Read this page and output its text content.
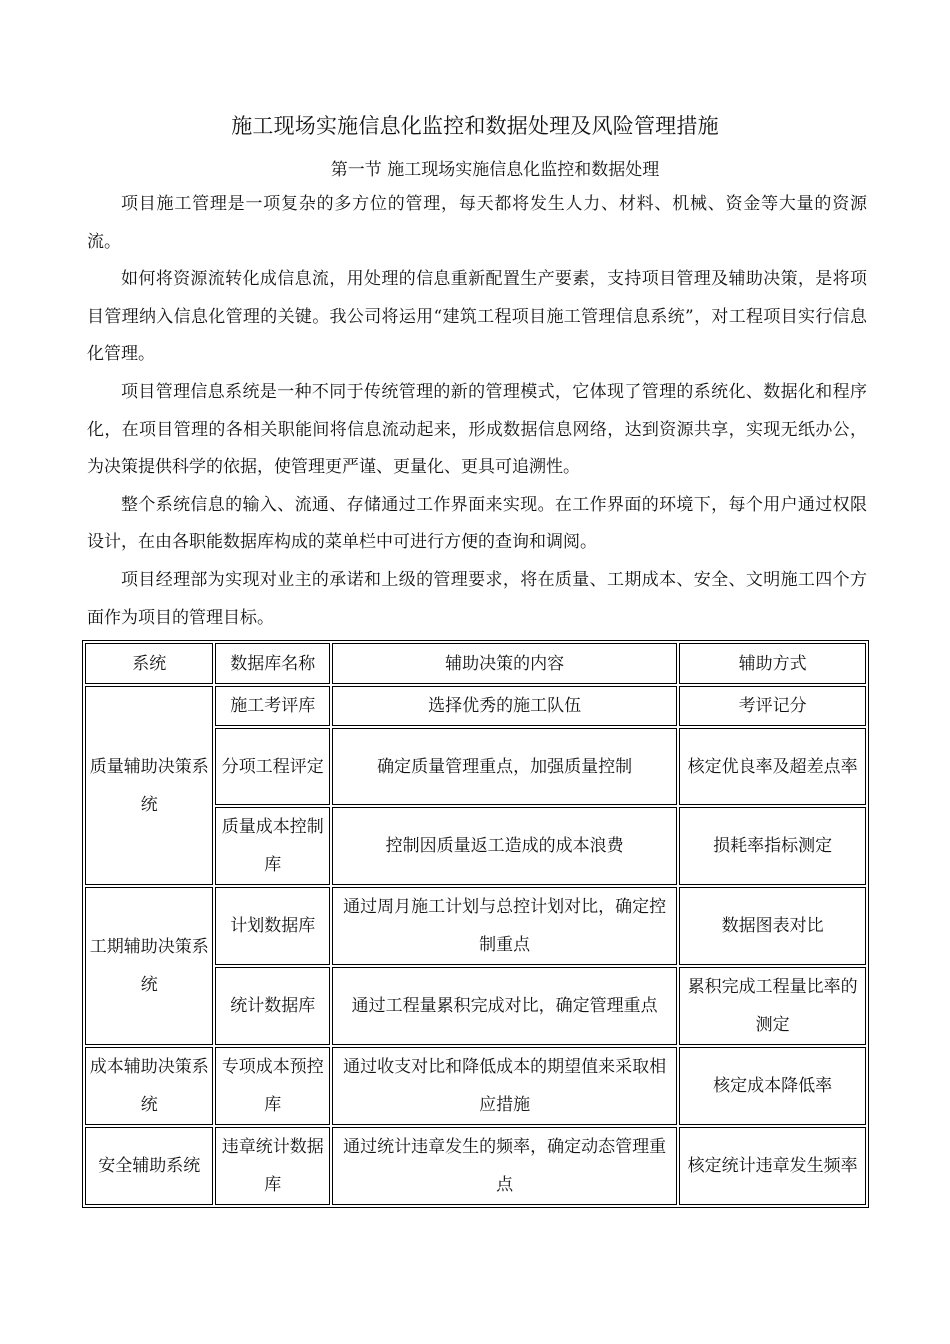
施工现场实施信息化监控和数据处理及风险管理措施
第一节 施工现场实施信息化监控和数据处理

项目施工管理是一项复杂的多方位的管理，每天都将发生人力、材料、机械、资金等大量的资源流。

如何将资源流转化成信息流，用处理的信息重新配置生产要素，支持项目管理及辅助决策，是将项目管理纳入信息化管理的关键。我公司将运用“建筑工程项目施工管理信息系统”，对工程项目实行信息化管理。

项目管理信息系统是一种不同于传统管理的新的管理模式，它体现了管理的系统化、数据化和程序化，在项目管理的各相关职能间将信息流动起来，形成数据信息网络，达到资源共享，实现无纸办公，为决策提供科学的依据，使管理更严谨、更量化、更具可追溯性。

整个系统信息的输入、流通、存储通过工作界面来实现。在工作界面的环境下，每个用户通过权限设计，在由各职能数据库构成的菜单栏中可进行方便的查询和调阅。

项目经理部为实现对业主的承诺和上级的管理要求，将在质量、工期成本、安全、文明施工四个方面作为项目的管理目标。

系统	数据库名称	辅助决策的内容	辅助方式
质量辅助决策系统	施工考评库	选择优秀的施工队伍	考评记分
	分项工程评定	确定质量管理重点，加强质量控制	核定优良率及超差点率
	质量成本控制库	控制因质量返工造成的成本浪费	损耗率指标测定
工期辅助决策系统	计划数据库	通过周月施工计划与总控计划对比，确定控制重点	数据图表对比
	统计数据库	通过工程量累积完成对比，确定管理重点	累积完成工程量比率的测定
成本辅助决策系统	专项成本预控库	通过收支对比和降低成本的期望值来采取相应措施	核定成本降低率
安全辅助系统	违章统计数据库	通过统计违章发生的频率，确定动态管理重点	核定统计违章发生频率
